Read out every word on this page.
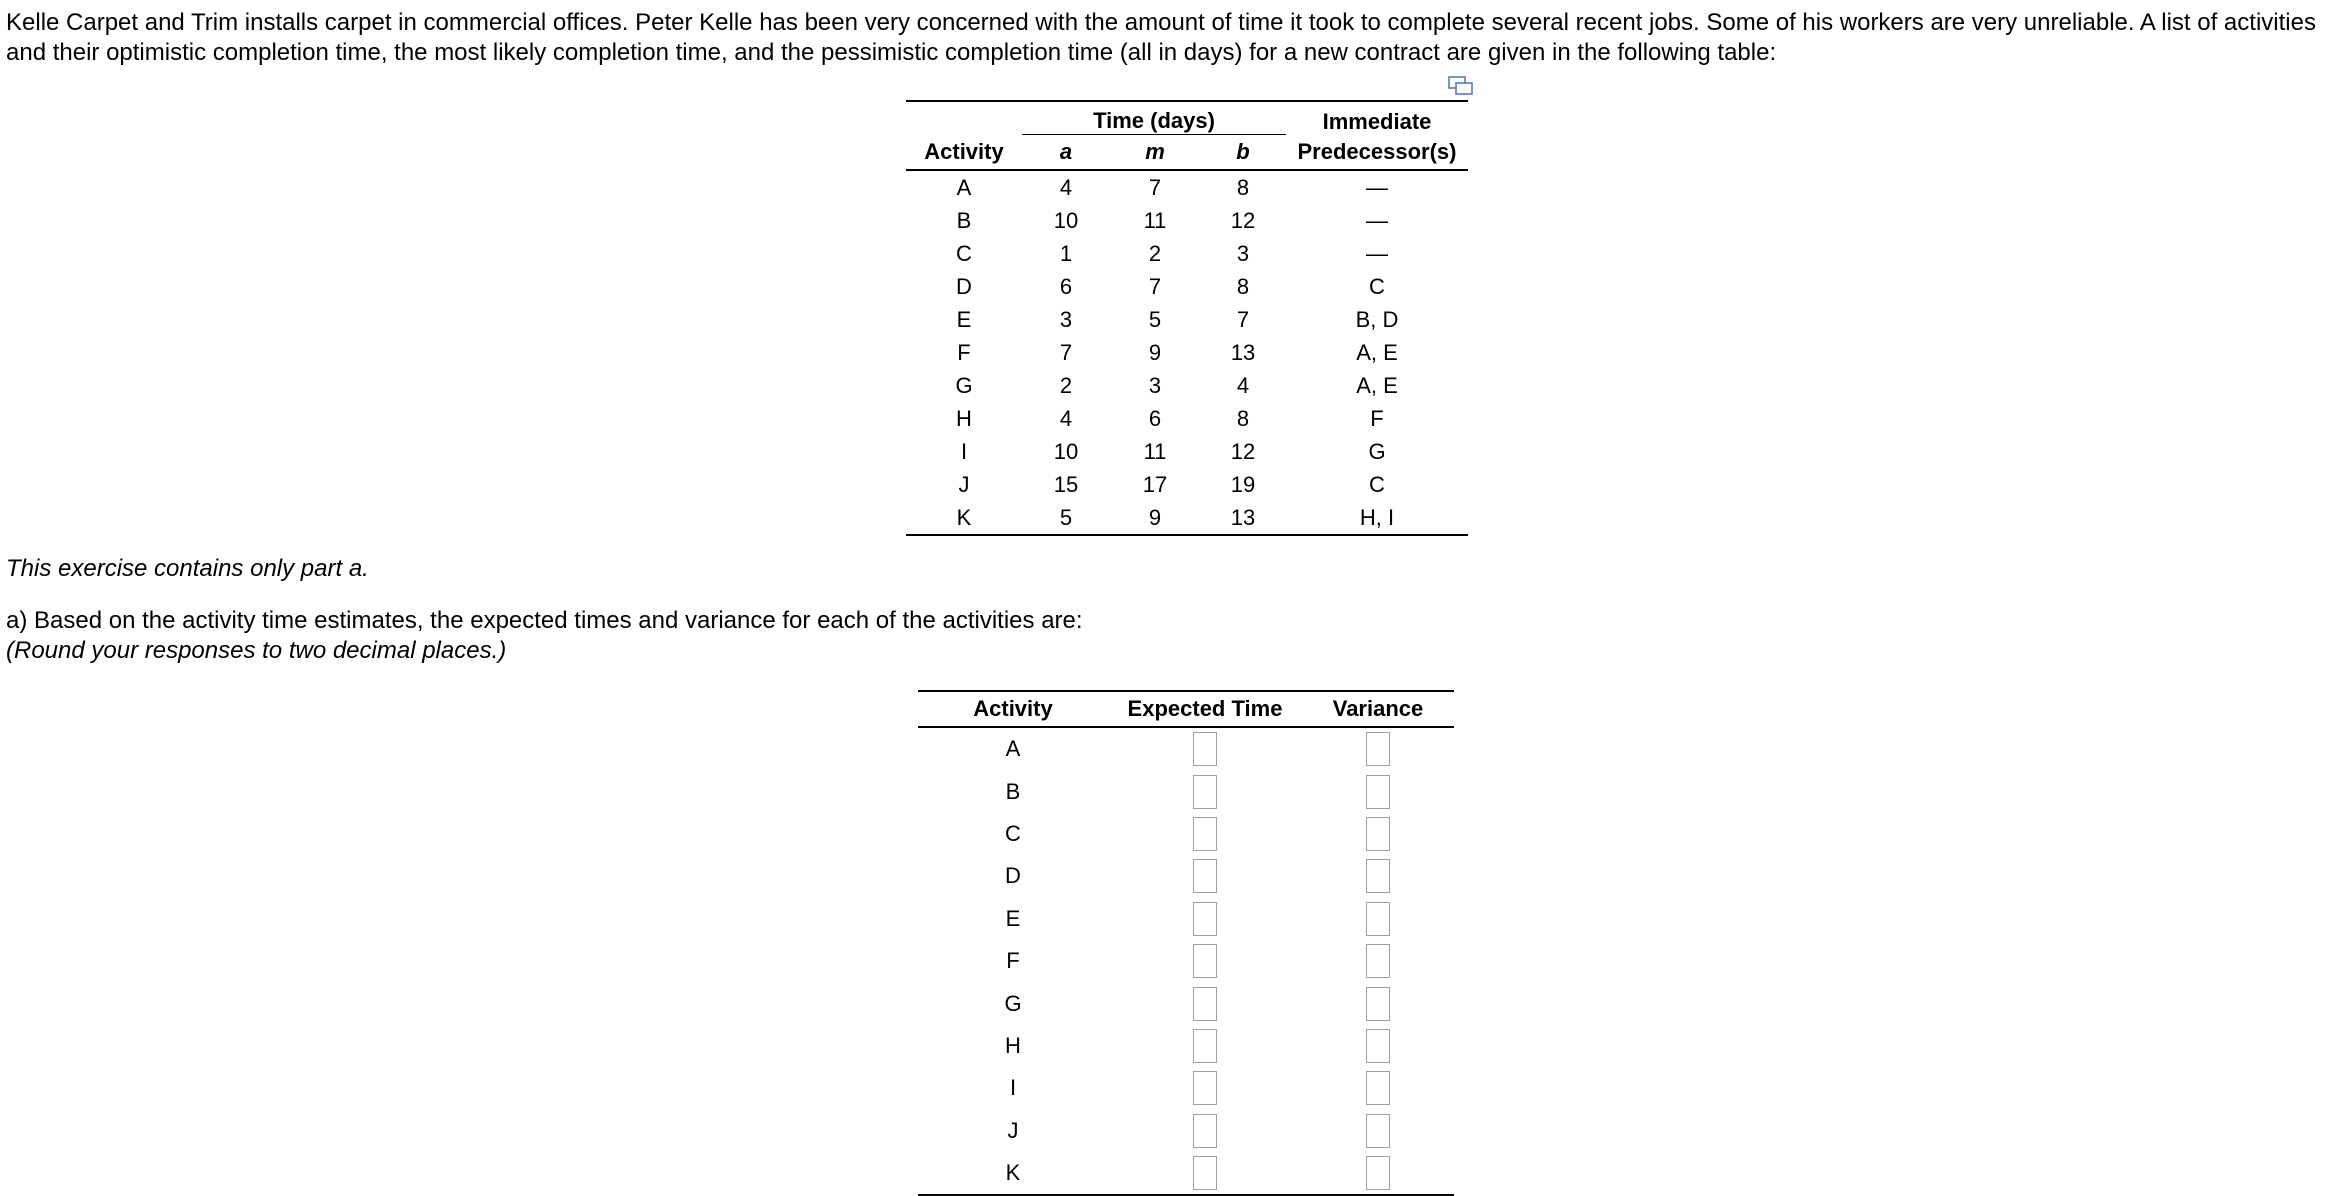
Kelle Carpet and Trim installs carpet in commercial offices. Peter Kelle has been very concerned with the amount of time it took to complete several recent jobs. Some of his workers are very unreliable. A list of activities and their optimistic completion time, the most likely completion time, and the pessimistic completion time (all in days) for a new contract are given in the following table:
	Time (days)			Immediate
Activity	a	m	b	Predecessor(s)
A	4	7	8	—
B	10	11	12	—
C	1	2	3	—
D	6	7	8	C
E	3	5	7	B, D
F	7	9	13	A, E
G	2	3	4	A, E
H	4	6	8	F
I	10	11	12	G
J	15	17	19	C
K	5	9	13	H, I
This exercise contains only part a.
a) Based on the activity time estimates, the expected times and variance for each of the activities are:
(Round your responses to two decimal places.)
Activity	Expected Time	Variance
A		
B		
C		
D		
E		
F		
G		
H		
I		
J		
K		
